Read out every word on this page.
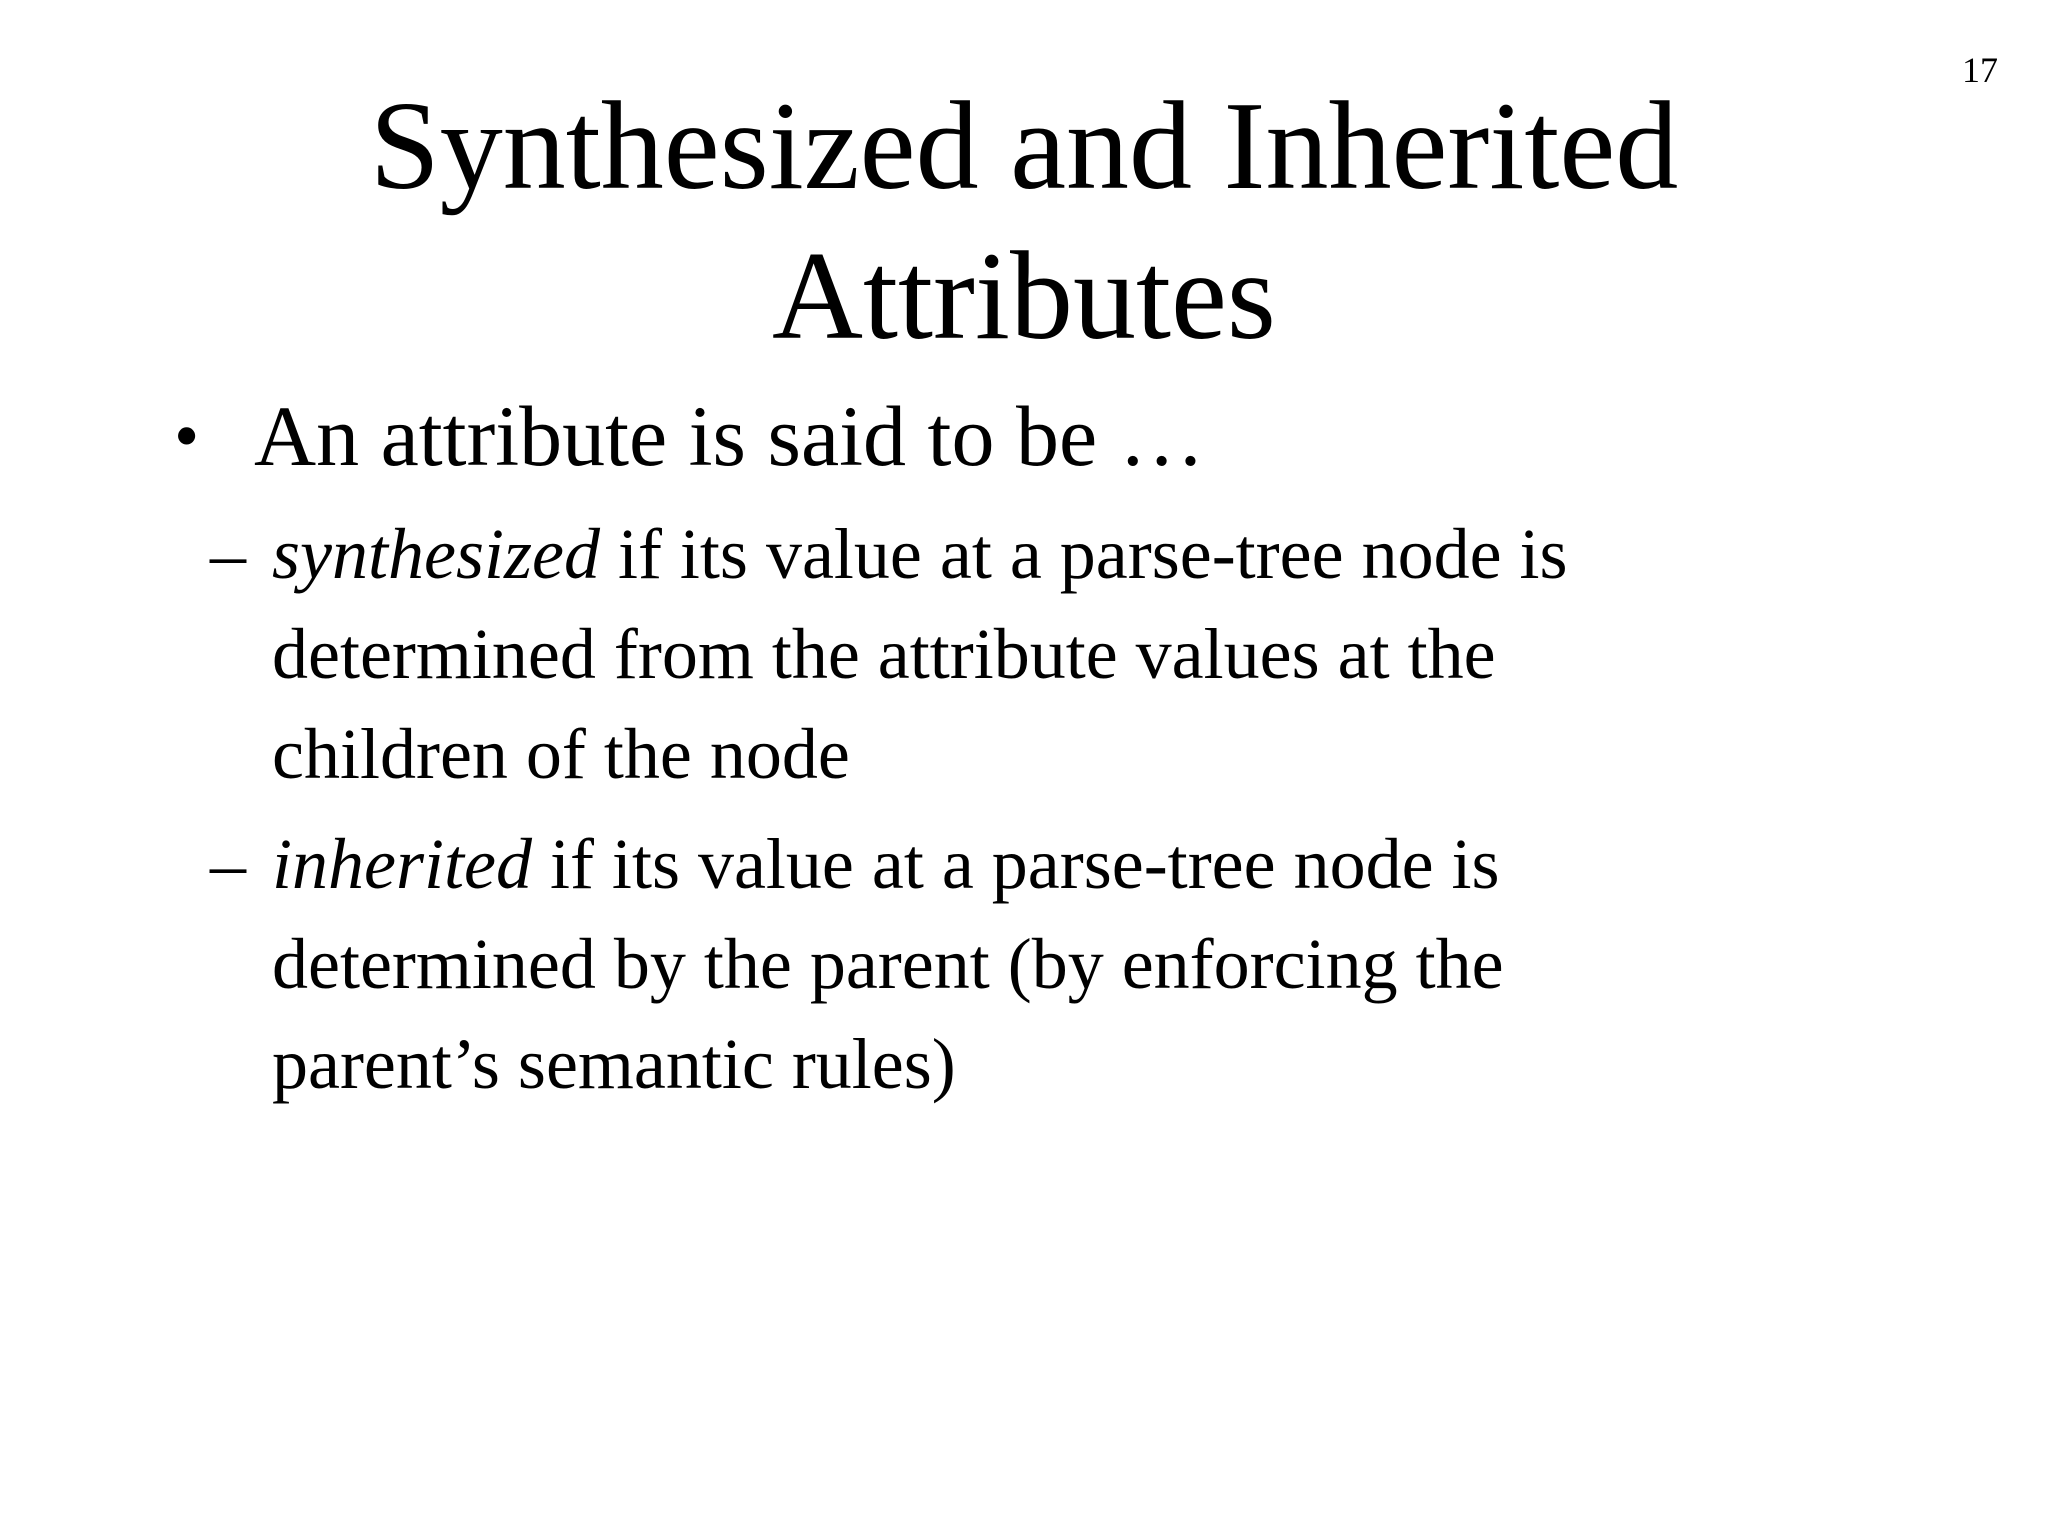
17
Synthesized and Inherited
Attributes
• An attribute is said to be …
– synthesized if its value at a parse-tree node is
determined from the attribute values at the
children of the node
– inherited if its value at a parse-tree node is
determined by the parent (by enforcing the
parent’s semantic rules)
